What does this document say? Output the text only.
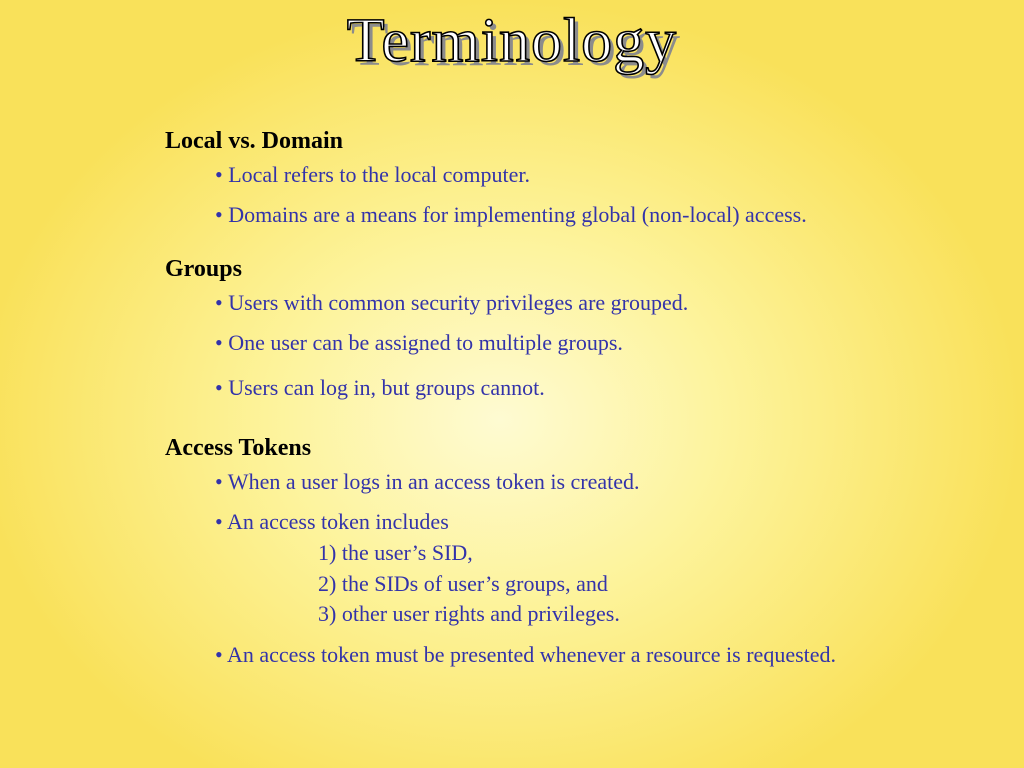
Terminology

Local vs. Domain

• Local refers to the local computer.

• Domains are a means for implementing global (non-local) access.

Groups

• Users with common security privileges are grouped.

• One user can be assigned to multiple groups.

• Users can log in, but groups cannot.

Access Tokens

• When a user logs in an access token is created.

• An access token includes

1) the user’s SID,

2) the SIDs of user’s groups, and

3) other user rights and privileges.

• An access token must be presented whenever a resource is requested.
